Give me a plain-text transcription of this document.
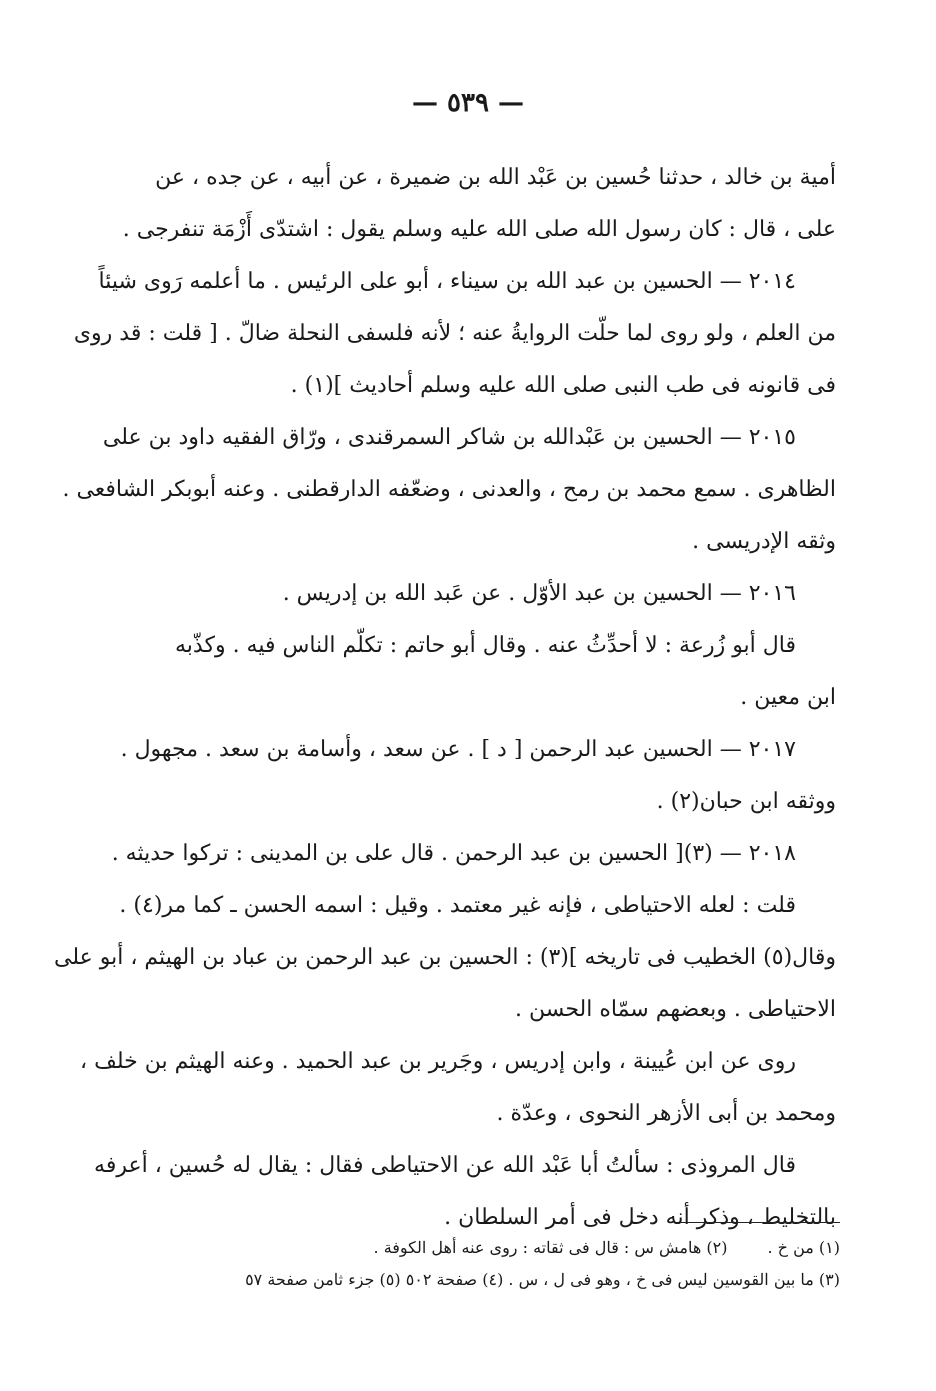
— ٥٣٩ —
أمية بن خالد ، حدثنا حُسين بن عَبْد الله بن ضميرة ، عن أبيه ، عن جده ، عن
على ، قال : كان رسول الله صلى الله عليه وسلم يقول : اشتدّى أَزْمَة تنفرجى .
٢٠١٤ — الحسين بن عبد الله بن سيناء ، أبو على الرئيس . ما أعلمه رَوى شيئاً
من العلم ، ولو روى لما حلّت الروايةُ عنه ؛ لأنه فلسفى النحلة ضالّ . [ قلت : قد روى
فى قانونه فى طب النبى صلى الله عليه وسلم أحاديث ](١) .
٢٠١٥ — الحسين بن عَبْدالله بن شاكر السمرقندى ، ورّاق الفقيه داود بن على
الظاهرى . سمع محمد بن رمح ، والعدنى ، وضعّفه الدارقطنى . وعنه أبوبكر الشافعى .
وثقه الإدريسى .
٢٠١٦ — الحسين بن عبد الأوّل . عن عَبد الله بن إدريس .
قال أبو زُرعة : لا أحدِّثُ عنه . وقال أبو حاتم : تكلّم الناس فيه . وكذّبه
ابن معين .
٢٠١٧ — الحسين عبد الرحمن [ د ] . عن سعد ، وأسامة بن سعد . مجهول .
ووثقه ابن حبان(٢) .
٢٠١٨ — (٣)[ الحسين بن عبد الرحمن . قال على بن المدينى : تركوا حديثه .
قلت : لعله الاحتياطى ، فإنه غير معتمد . وقيل : اسمه الحسن ـ كما مر(٤) .
وقال(٥) الخطيب فى تاريخه ](٣) : الحسين بن عبد الرحمن بن عباد بن الهيثم ، أبو على
الاحتياطى . وبعضهم سمّاه الحسن .
روى عن ابن عُيينة ، وابن إدريس ، وجَرير بن عبد الحميد . وعنه الهيثم بن خلف ،
ومحمد بن أبى الأزهر النحوى ، وعدّة .
قال المروذى : سألتُ أبا عَبْد الله عن الاحتياطى فقال : يقال له حُسين ، أعرفه
بالتخليط ، وذكر أنه دخل فى أمر السلطان .
(١) من خ .(٢) هامش س : قال فى ثقاته : روى عنه أهل الكوفة .
(٣) ما بين القوسين ليس فى خ ، وهو فى ل ، س . (٤) صفحة ٥٠٢ (٥) جزء ثامن صفحة ٥٧
